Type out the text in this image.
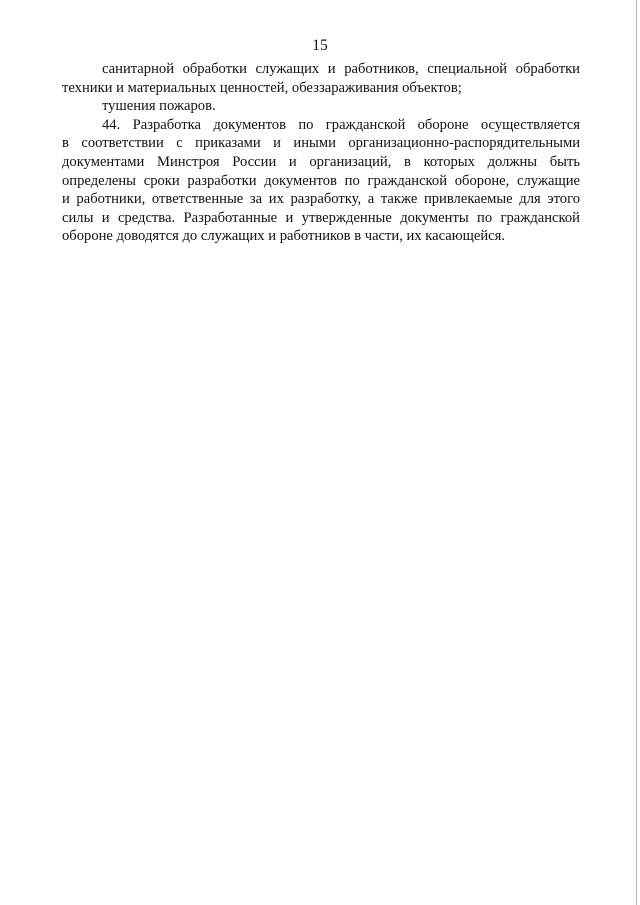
15
санитарной обработки служащих и работников, специальной обработки
техники и материальных ценностей, обеззараживания объектов;
тушения пожаров.
44. Разработка документов по гражданской обороне осуществляется
в соответствии с приказами и иными организационно-распорядительными
документами Минстроя России и организаций, в которых должны быть
определены сроки разработки документов по гражданской обороне, служащие
и работники, ответственные за их разработку, а также привлекаемые для этого
силы и средства. Разработанные и утвержденные документы по гражданской
обороне доводятся до служащих и работников в части, их касающейся.
